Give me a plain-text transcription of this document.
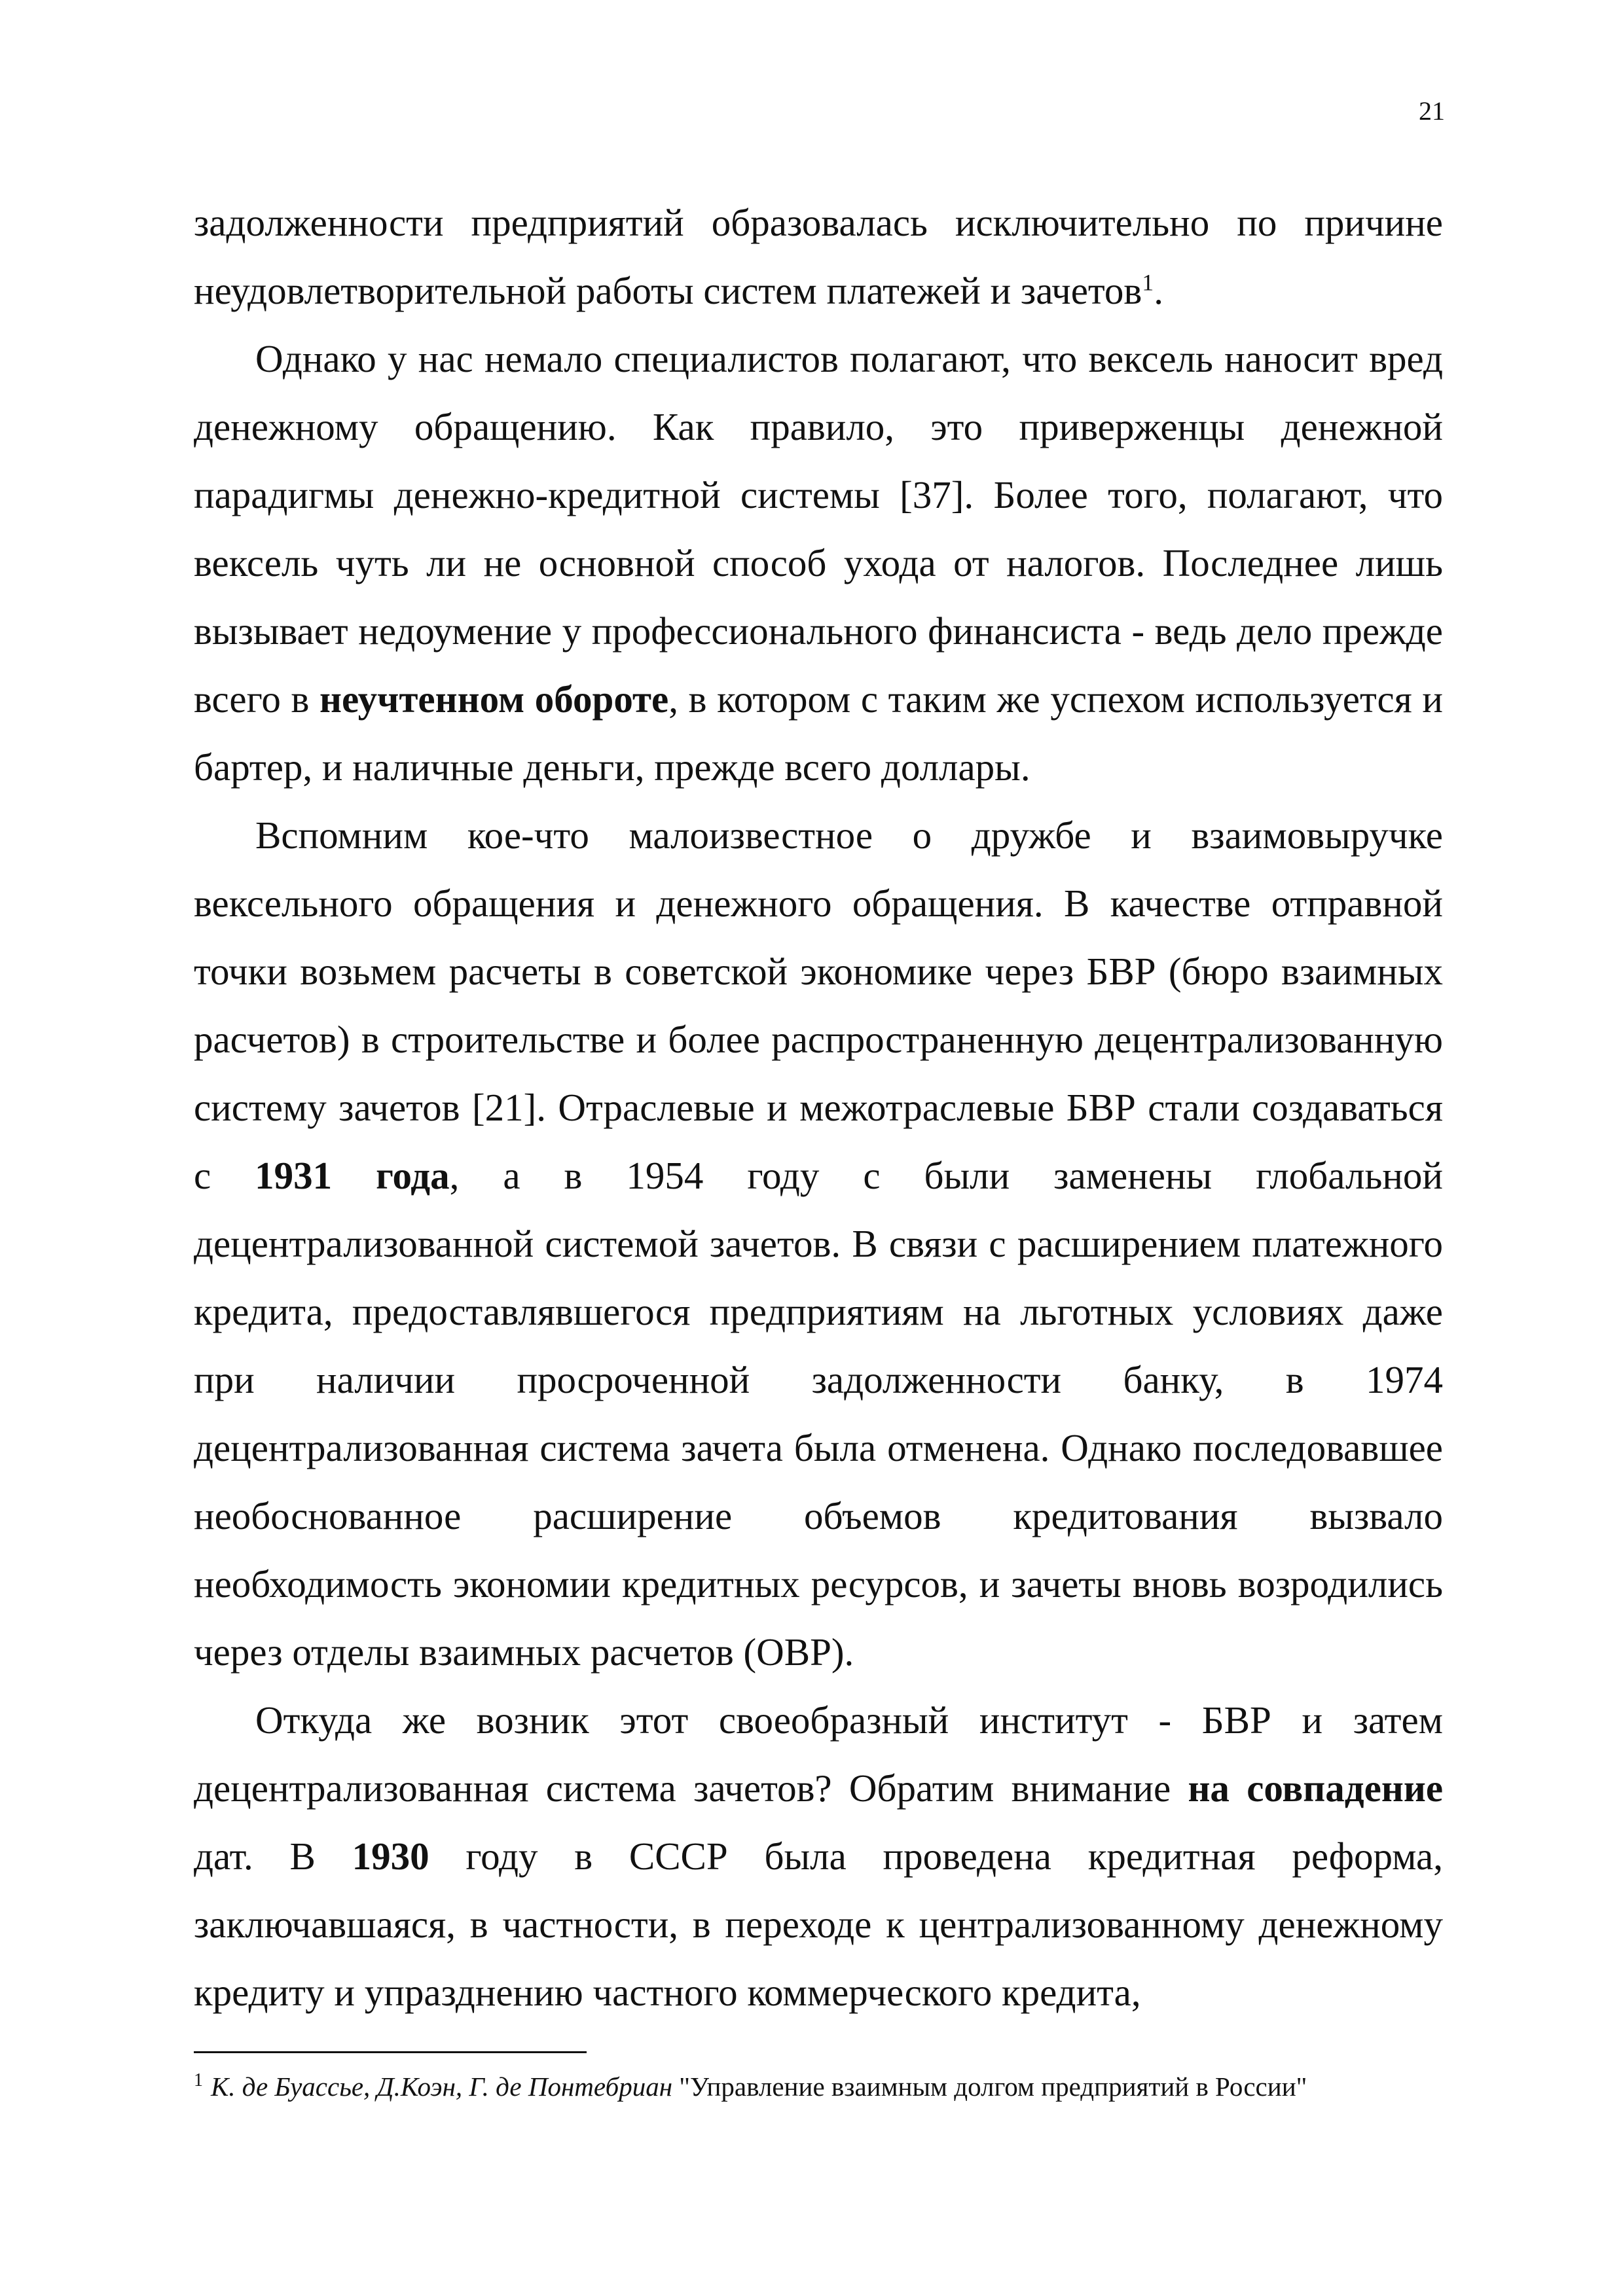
21

задолженности предприятий образовалась исключительно по причине неудовлетворительной работы систем платежей и зачетов$^1$.

Однако у нас немало специалистов полагают, что вексель наносит вред денежному обращению. Как правило, это приверженцы денежной парадигмы денежно-кредитной системы [37]. Более того, полагают, что вексель чуть ли не основной способ ухода от налогов. Последнее лишь вызывает недоумение у профессионального финансиста - ведь дело прежде всего в неучтенном обороте, в котором с таким же успехом используется и бартер, и наличные деньги, прежде всего доллары.

Вспомним кое-что малоизвестное о дружбе и взаимовыручке вексельного обращения и денежного обращения. В качестве отправной точки возьмем расчеты в советской экономике через БВР (бюро взаимных расчетов) в строительстве и более распространенную децентрализованную систему зачетов [21]. Отраслевые и межотраслевые БВР стали создаваться с 1931 года, а в 1954 году с были заменены глобальной децентрализованной системой зачетов. В связи с расширением платежного кредита, предоставлявшегося предприятиям на льготных условиях даже при наличии просроченной задолженности банку, в 1974 децентрализованная система зачета была отменена. Однако последовавшее необоснованное расширение объемов кредитования вызвало необходимость экономии кредитных ресурсов, и зачеты вновь возродились через отделы взаимных расчетов (ОВР).

Откуда же возник этот своеобразный институт - БВР и затем децентрализованная система зачетов? Обратим внимание на совпадение дат. В 1930 году в СССР была проведена кредитная реформа, заключавшаяся, в частности, в переходе к централизованному денежному кредиту и упразднению частного коммерческого кредита,

$^1$ К. де Буассье, Д.Коэн, Г. де Понтебриан "Управление взаимным долгом предприятий в России"
